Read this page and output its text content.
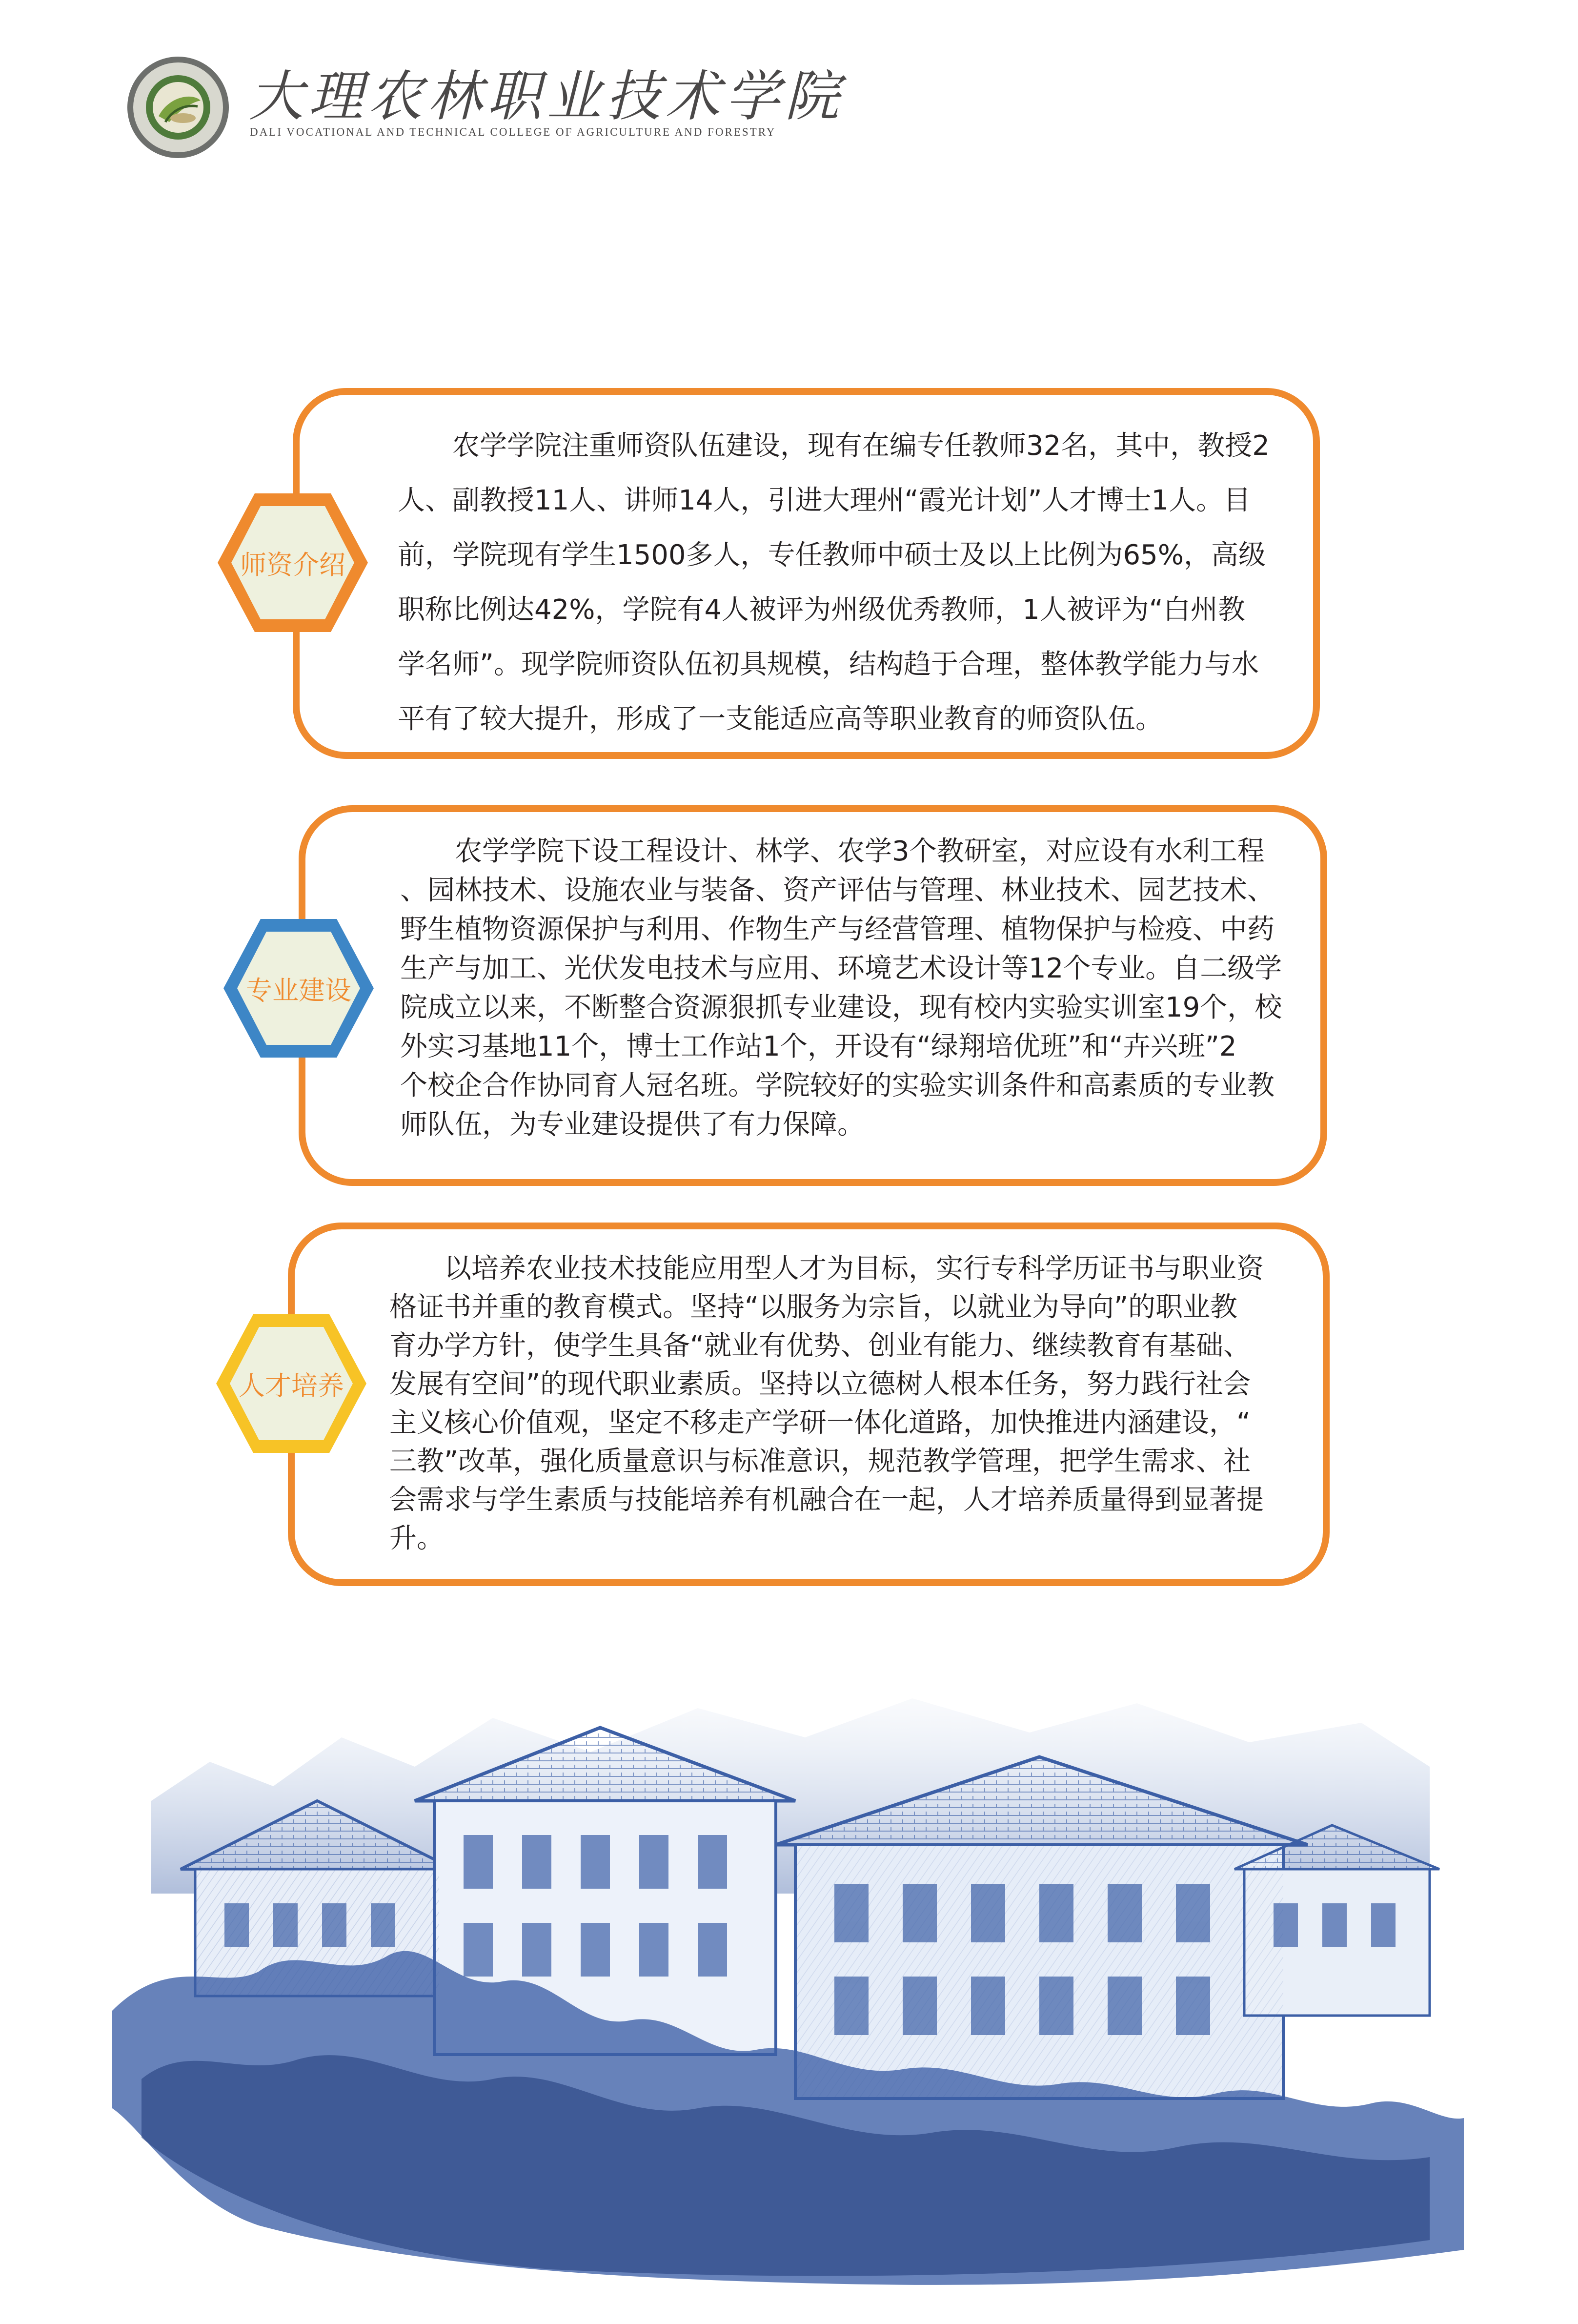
大理农林职业技术学院
DALI VOCATIONAL AND TECHNICAL COLLEGE OF AGRICULTURE AND FORESTRY
师资介绍

　　农学学院注重师资队伍建设，现有在编专任教师32名，其中，教授2
人、副教授11人、讲师14人，引进大理州“霞光计划”人才博士1人。目
前，学院现有学生1500多人，专任教师中硕士及以上比例为65%，高级
职称比例达42%，学院有4人被评为州级优秀教师，1人被评为“白州教
学名师”。现学院师资队伍初具规模，结构趋于合理，整体教学能力与水
平有了较大提升，形成了一支能适应高等职业教育的师资队伍。

专业建设

　　农学学院下设工程设计、林学、农学3个教研室，对应设有水利工程
、园林技术、设施农业与装备、资产评估与管理、林业技术、园艺技术、
野生植物资源保护与利用、作物生产与经营管理、植物保护与检疫、中药
生产与加工、光伏发电技术与应用、环境艺术设计等12个专业。自二级学
院成立以来，不断整合资源狠抓专业建设，现有校内实验实训室19个，校
外实习基地11个，博士工作站1个，开设有“绿翔培优班”和“卉兴班”2
个校企合作协同育人冠名班。学院较好的实验实训条件和高素质的专业教
师队伍，为专业建设提供了有力保障。

人才培养

　　以培养农业技术技能应用型人才为目标，实行专科学历证书与职业资
格证书并重的教育模式。坚持“以服务为宗旨，以就业为导向”的职业教
育办学方针，使学生具备“就业有优势、创业有能力、继续教育有基础、
发展有空间”的现代职业素质。坚持以立德树人根本任务，努力践行社会
主义核心价值观，坚定不移走产学研一体化道路，加快推进内涵建设，“
三教”改革，强化质量意识与标准意识，规范教学管理，把学生需求、社
会需求与学生素质与技能培养有机融合在一起，人才培养质量得到显著提
升。
